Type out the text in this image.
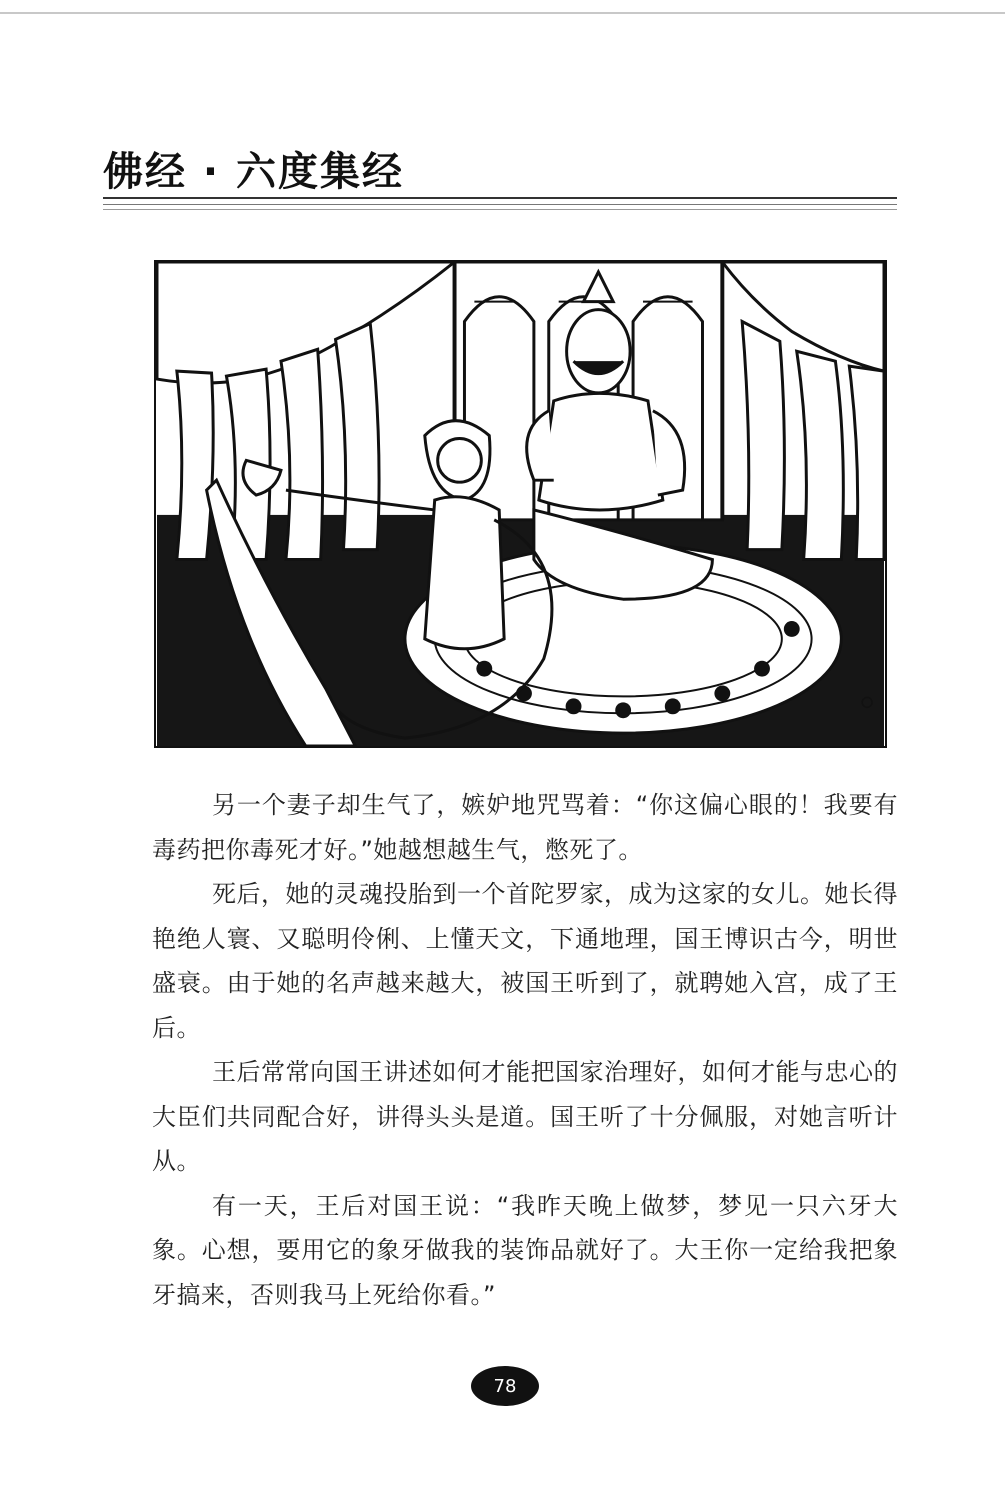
佛经 · 六度集经

另一个妻子却生气了，嫉妒地咒骂着：“你这偏心眼的！我要有毒药把你毒死才好。”她越想越生气，憋死了。

死后，她的灵魂投胎到一个首陀罗家，成为这家的女儿。她长得艳绝人寰、又聪明伶俐、上懂天文，下通地理，国王博识古今，明世盛衰。由于她的名声越来越大，被国王听到了，就聘她入宫，成了王后。

王后常常向国王讲述如何才能把国家治理好，如何才能与忠心的大臣们共同配合好，讲得头头是道。国王听了十分佩服，对她言听计从。

有一天，王后对国王说：“我昨天晚上做梦，梦见一只六牙大象。心想，要用它的象牙做我的装饰品就好了。大王你一定给我把象牙搞来，否则我马上死给你看。”

78
